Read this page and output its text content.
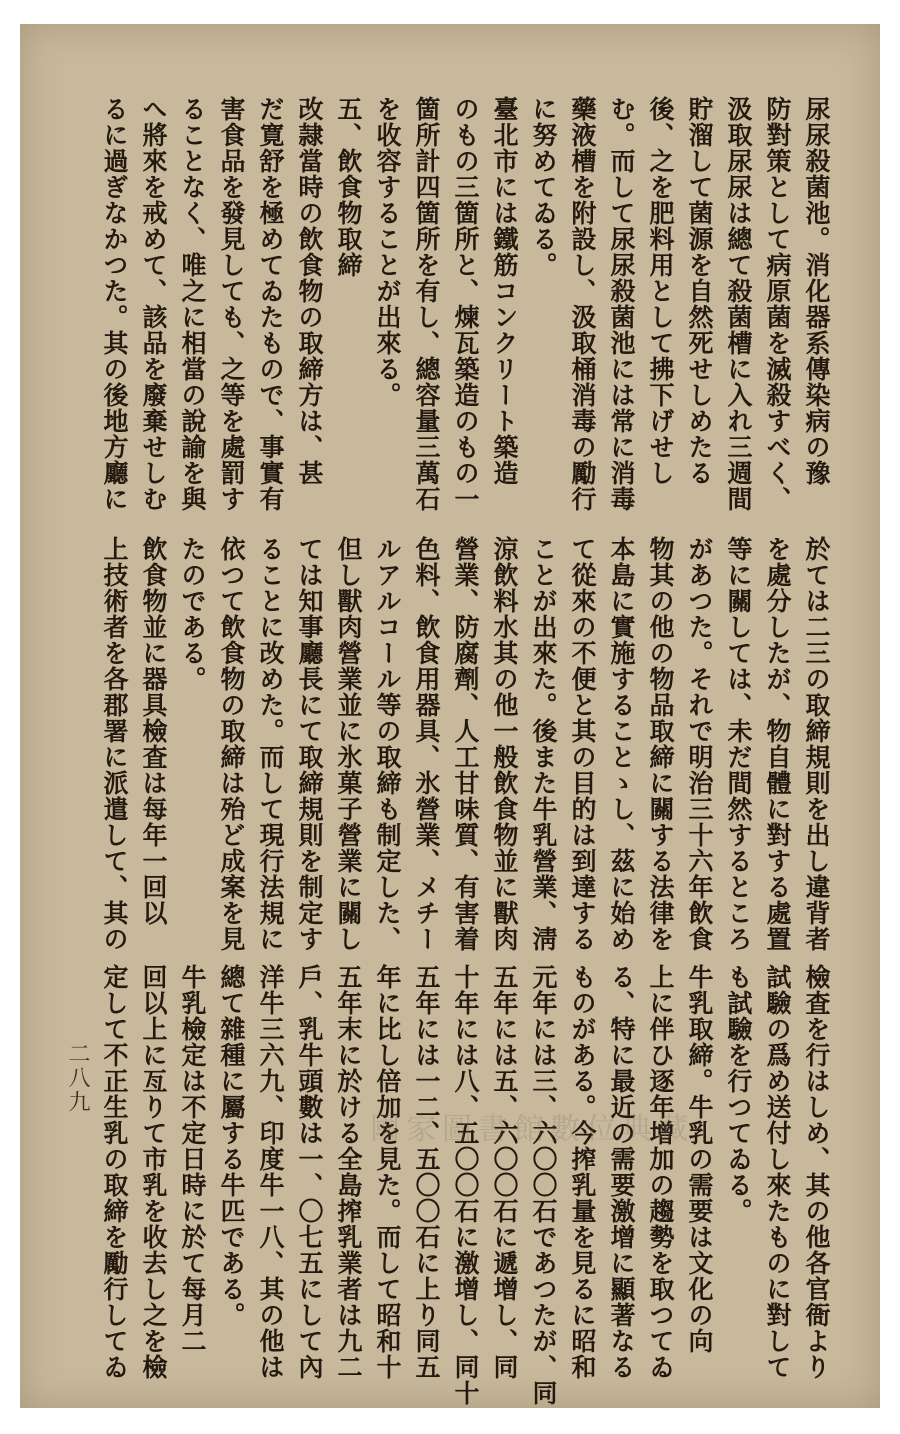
尿尿殺菌池。消化器系傳染病の豫

防對策として病原菌を滅殺すべく、

汲取尿尿は總て殺菌槽に入れ三週間

貯溜して菌源を自然死せしめたる

後、之を肥料用として拂下げせし

む。而して尿尿殺菌池には常に消毒

藥液槽を附設し、汲取桶消毒の勵行

に努めてゐる。

臺北市には鐵筋コンクリート築造

のもの三箇所と、煉瓦築造のもの一

箇所計四箇所を有し、總容量三萬石

を收容することが出來る。

五、飲食物取締

改隷當時の飲食物の取締方は、甚

だ寛舒を極めてゐたもので、事實有

害食品を發見しても、之等を處罰す

ることなく、唯之に相當の說諭を與

へ將來を戒めて、該品を廢棄せしむ

るに過ぎなかつた。其の後地方廳に

於ては二三の取締規則を出し違背者

を處分したが、物自體に對する處置

等に關しては、未だ間然するところ

があつた。それで明治三十六年飲食

物其の他の物品取締に關する法律を

本島に實施することゝし、茲に始め

て從來の不便と其の目的は到達する

ことが出來た。後また牛乳營業、淸

涼飲料水其の他一般飲食物並に獸肉

營業、防腐劑、人工甘味質、有害着

色料、飲食用器具、氷營業、メチー

ルアルコール等の取締も制定した、

但し獸肉營業並に氷菓子營業に關し

ては知事廳長にて取締規則を制定す

ることに改めた。而して現行法規に

依つて飲食物の取締は殆ど成案を見

たのである。

飲食物並に器具檢査は每年一回以

上技術者を各郡署に派遣して、其の

檢査を行はしめ、其の他各官衙より

試驗の爲め送付し來たものに對して

も試驗を行つてゐる。

牛乳取締。牛乳の需要は文化の向

上に伴ひ逐年增加の趨勢を取つてゐ

る、特に最近の需要激增に顯著なる

ものがある。今搾乳量を見るに昭和

元年には三、六〇〇石であつたが、同

五年には五、六〇〇石に遞增し、同

十年には八、五〇〇石に激增し、同十

五年には一二、五〇〇石に上り同五

年に比し倍加を見た。而して昭和十

五年末に於ける全島搾乳業者は九二

戶、乳牛頭數は一、〇七五にして內

洋牛三六九、印度牛一八、其の他は

總て雜種に屬する牛匹である。

牛乳檢定は不定日時に於て每月二

回以上に亙りて市乳を收去し之を檢

定して不正生乳の取締を勵行してゐ

二八九
國家圖書館數位典藏
